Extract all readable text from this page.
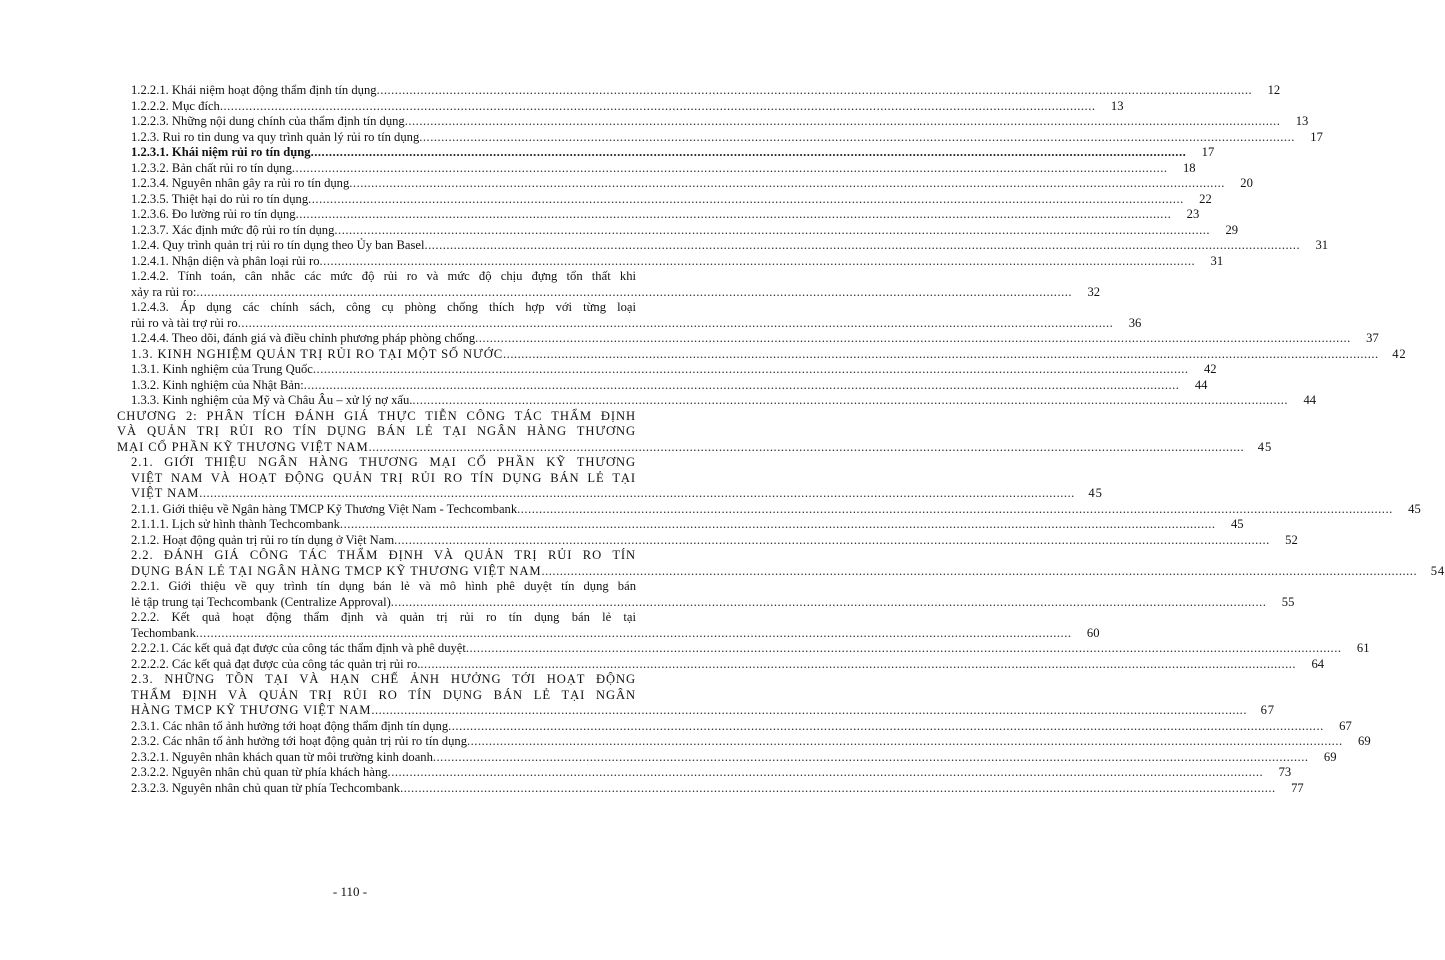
1.2.2.1. Khái niệm hoạt động thẩm định tín dụng .....	12
1.2.2.2. Mục đích .....	13
1.2.2.3. Những nội dung chính của thẩm định tín dụng .....	13
1.2.3. Rui ro tin dung va quy trình quản lý rủi ro tín dụng .....	17
1.2.3.1. Khái niệm rủi ro tín dụng .....	17
1.2.3.2. Bản chất rủi ro tín dụng .....	18
1.2.3.4. Nguyên nhân gây ra rủi ro tín dụng .....	20
1.2.3.5. Thiệt hại do rủi ro tín dụng .....	22
1.2.3.6. Đo lường rủi ro tín dụng .....	23
1.2.3.7. Xác định mức độ rủi ro tín dụng .....	29
1.2.4. Quy trình quản trị rủi ro tín dụng theo Ủy ban Basel .....	31
1.2.4.1. Nhận diện và phân loại rủi ro .....	31
1.2.4.2. Tính toán, cân nhắc các mức độ rủi ro và mức độ chịu đựng tổn thất khi
xảy ra rủi ro: .....	32
1.2.4.3. Áp dụng các chính sách, công cụ phòng chống thích hợp với từng loại
rủi ro và tài trợ rủi ro .....	36
1.2.4.4. Theo dõi, đánh giá và điều chỉnh phương pháp phòng chống .....	37
1.3. KINH NGHIỆM QUẢN TRỊ RỦI RO TẠI MỘT SỐ NƯỚC .....	42
1.3.1. Kinh nghiệm của Trung Quốc .....	42
1.3.2. Kinh nghiệm của Nhật Bản: .....	44
1.3.3. Kinh nghiệm của Mỹ và Châu Âu – xử lý nợ xấu. .....	44
CHƯƠNG 2: PHÂN TÍCH ĐÁNH GIÁ THỰC TIỄN CÔNG TÁC THẨM ĐỊNH
VÀ QUẢN TRỊ RỦI RO TÍN DỤNG BÁN LẺ TẠI NGÂN HÀNG THƯƠNG
MẠI CỔ PHẦN KỸ THƯƠNG VIỆT NAM .....	45
2.1. GIỚI THIỆU NGÂN HÀNG THƯƠNG MẠI CỔ PHẦN KỸ THƯƠNG
VIỆT NAM VÀ HOẠT ĐỘNG QUẢN TRỊ RỦI RO TÍN DỤNG BÁN LẺ TẠI
VIỆT NAM .....	45
2.1.1. Giới thiệu về Ngân hàng TMCP Kỹ Thương Việt Nam - Techcombank .....	45
2.1.1.1. Lịch sử hình thành Techcombank .....	45
2.1.2. Hoạt động quản trị rủi ro tín dụng ở Việt Nam .....	52
2.2. ĐÁNH GIÁ CÔNG TÁC THẨM ĐỊNH VÀ QUẢN TRỊ RỦI RO TÍN
DỤNG BÁN LẺ TẠI NGÂN HÀNG TMCP KỸ THƯƠNG VIỆT NAM .....	54
2.2.1. Giới thiệu về quy trình tín dụng bán lẻ và mô hình phê duyệt tín dụng bán
lẻ tập trung tại Techcombank (Centralize Approval) .....	55
2.2.2. Kết quả hoạt động thẩm định và quản trị rủi ro tín dụng bán lẻ tại
Techombank .....	60
2.2.2.1. Các kết quả đạt được của công tác thẩm định và phê duyệt .....	61
2.2.2.2. Các kết quả đạt được của công tác quản trị rủi ro. .....	64
2.3. NHỮNG TỒN TẠI VÀ HẠN CHẾ ẢNH HƯỞNG TỚI HOẠT ĐỘNG
THẨM ĐỊNH VÀ QUẢN TRỊ RỦI RO TÍN DỤNG BÁN LẺ TẠI NGÂN
HÀNG TMCP KỸ THƯƠNG VIỆT NAM .....	67
2.3.1. Các nhân tố ảnh hưởng tới hoạt động thẩm định tín dụng .....	67
2.3.2. Các nhân tố ảnh hưởng tới hoạt động quản trị rủi ro tín dụng .....	69
2.3.2.1. Nguyên nhân khách quan từ môi trường kinh doanh .....	69
2.3.2.2. Nguyên nhân chủ quan từ phía khách hàng .....	73
2.3.2.3. Nguyên nhân chủ quan từ phía Techcombank .....	77
- 110 -
